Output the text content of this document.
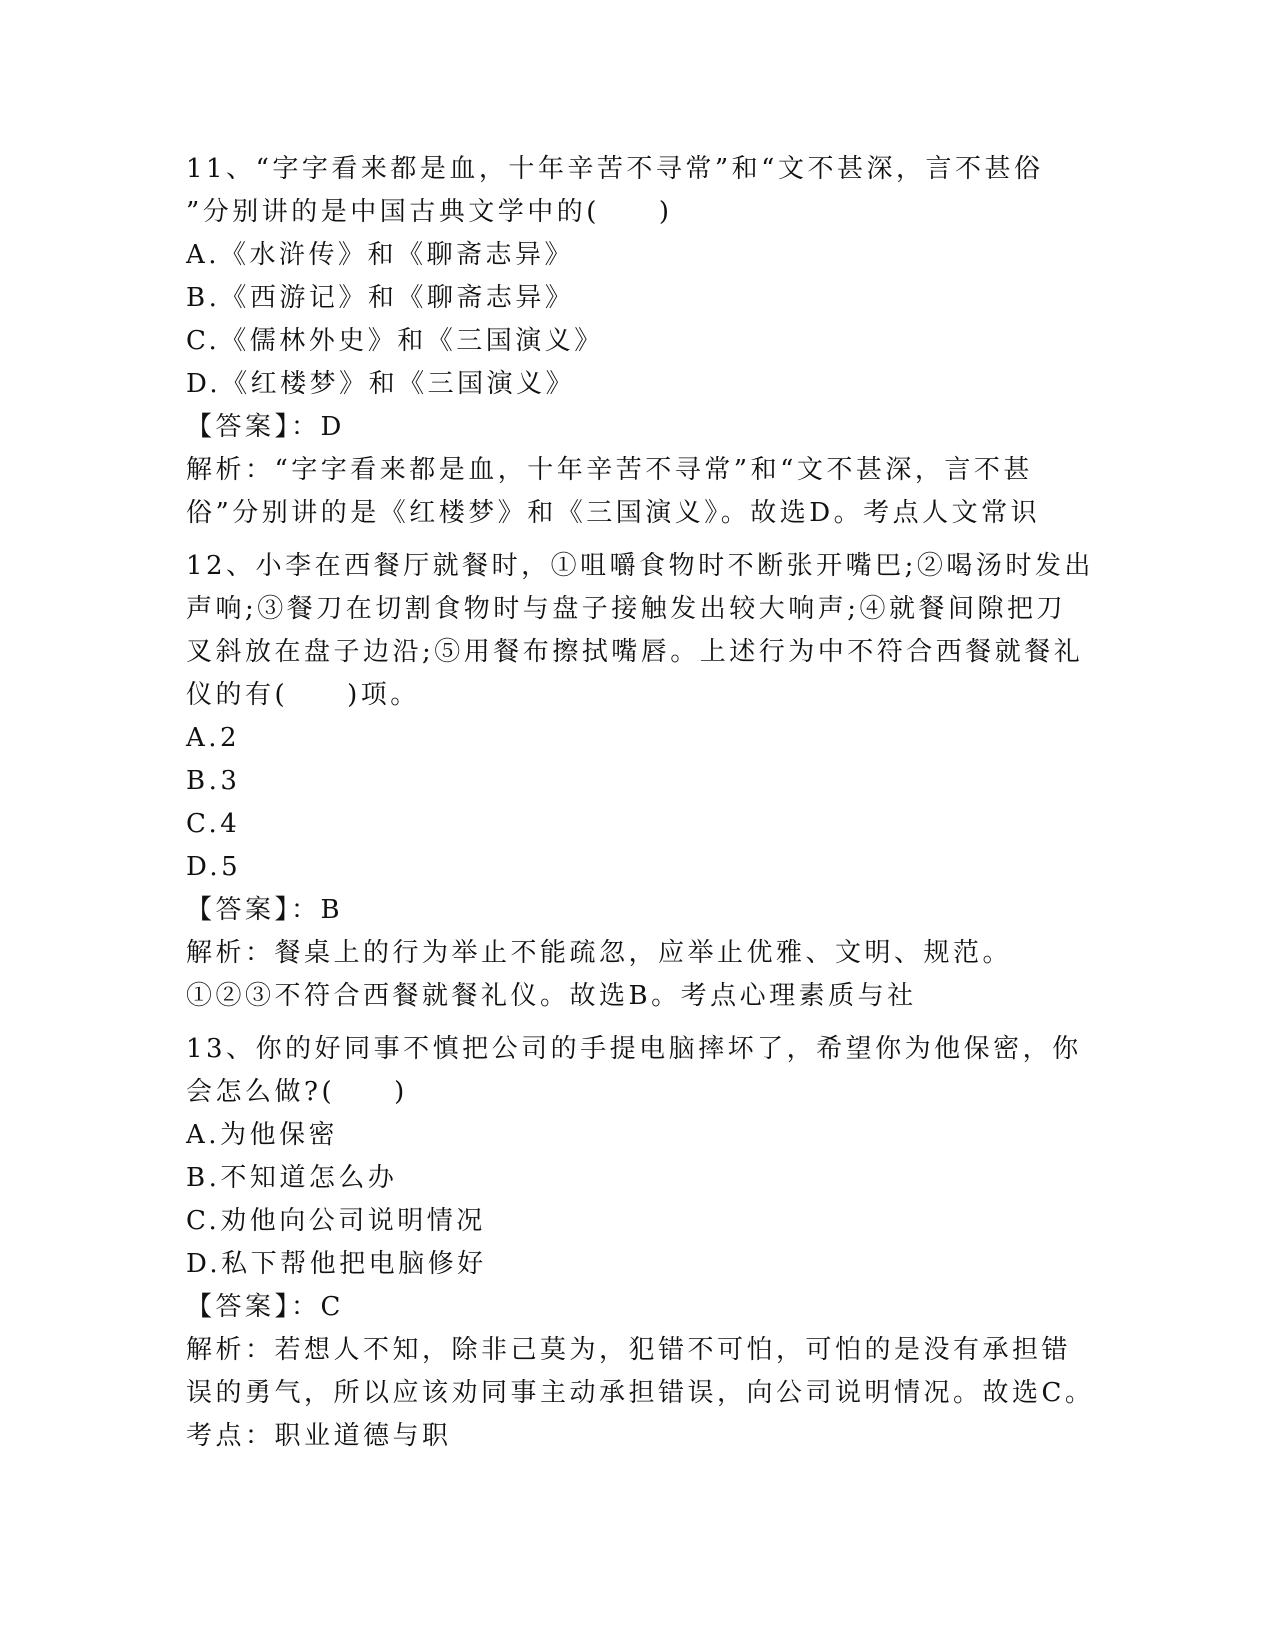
11、“字字看来都是血，十年辛苦不寻常”和“文不甚深，言不甚俗
”分别讲的是中国古典文学中的(　　)
A.《水浒传》和《聊斋志异》
B.《西游记》和《聊斋志异》
C.《儒林外史》和《三国演义》
D.《红楼梦》和《三国演义》
【答案】：D
解析：“字字看来都是血，十年辛苦不寻常”和“文不甚深，言不甚
俗”分别讲的是《红楼梦》和《三国演义》。故选D。考点人文常识
12、小李在西餐厅就餐时，①咀嚼食物时不断张开嘴巴;②喝汤时发出
声响;③餐刀在切割食物时与盘子接触发出较大响声;④就餐间隙把刀
叉斜放在盘子边沿;⑤用餐布擦拭嘴唇。上述行为中不符合西餐就餐礼
仪的有(　　)项。
A.2
B.3
C.4
D.5
【答案】：B
解析：餐桌上的行为举止不能疏忽，应举止优雅、文明、规范。
①②③不符合西餐就餐礼仪。故选B。考点心理素质与社
13、你的好同事不慎把公司的手提电脑摔坏了，希望你为他保密，你
会怎么做?(　　)
A.为他保密
B.不知道怎么办
C.劝他向公司说明情况
D.私下帮他把电脑修好
【答案】：C
解析：若想人不知，除非己莫为，犯错不可怕，可怕的是没有承担错
误的勇气，所以应该劝同事主动承担错误，向公司说明情况。故选C。
考点：职业道德与职
